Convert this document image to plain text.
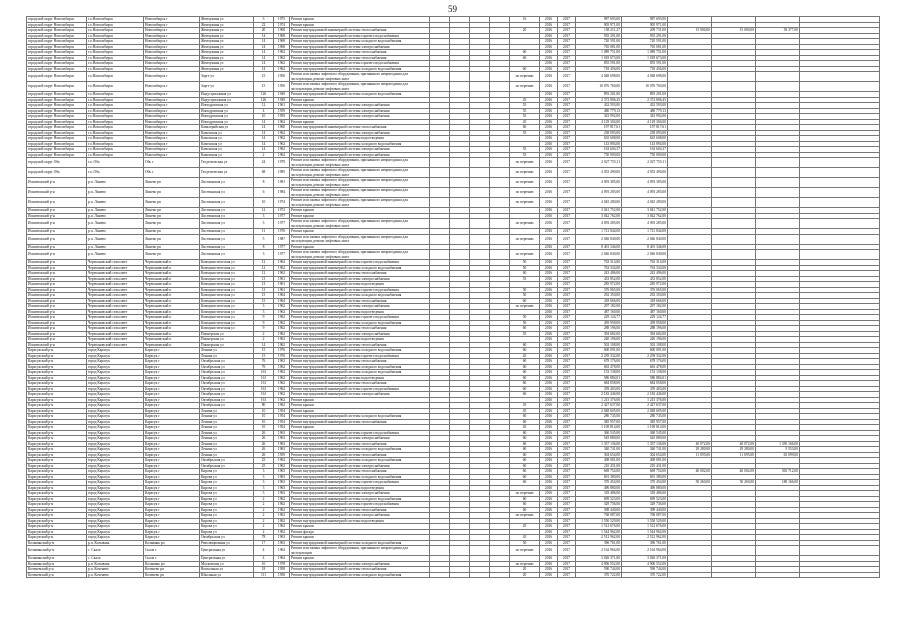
59
городской округ Новосибирск	г.о.Новосибирск	Новосибирск г	Жемчужная ул	3	1975	Ремонт крыши					16	2016	2017	987 693,00	987 693,00				
городской округ Новосибирск	г.о.Новосибирск	Новосибирск г	Жемчужная ул	22	1974	Ремонт крыши						2016	2017	905 971,00	905 971,00				
городской округ Новосибирск	г.о.Новосибирск	Новосибирск г	Жемчужная ул	20	1968	Ремонт внутридомовой инженерной системы теплоснабжения					20	2016	2017	158 211,27	209 731,00	15 000,00	15 000,00	39 377,00	
городской округ Новосибирск	г.о.Новосибирск	Новосибирск г	Жемчужная ул	14	1968	Ремонт внутридомовой инженерной системы горячего водоснабжения						2016	2017	935 291,00	935 291,00				
городской округ Новосибирск	г.о.Новосибирск	Новосибирск г	Жемчужная ул	14	1968	Ремонт внутридомовой инженерной системы холодного водоснабжения						2016	2017	720 591,00	720 591,00				
городской округ Новосибирск	г.о.Новосибирск	Новосибирск г	Жемчужная ул	14	1968	Ремонт внутридомовой инженерной системы электроснабжения						2016	2017	765 081,00	765 081,00				
городской округ Новосибирск	г.о.Новосибирск	Новосибирск г	Жемчужная ул	14	1962	Ремонт внутридомовой инженерной системы теплоснабжения					60	2016	2017	1 089 751,00	1 089 751,00				
городской округ Новосибирск	г.о.Новосибирск	Новосибирск г	Жемчужная ул	14	1962	Ремонт внутридомовой инженерной системы теплоснабжения					60	2016	2017	1 018 673,00	1 018 673,00				
городской округ Новосибирск	г.о.Новосибирск	Новосибирск г	Жемчужная ул	14	1962	Ремонт внутридомовой инженерной системы горячего водоснабжения						2016	2017	855 591,00	855 591,00				
городской округ Новосибирск	г.о.Новосибирск	Новосибирск г	Жемчужная ул	14	1962	Ремонт внутридомовой инженерной системы холодного водоснабжения					60	2016	2017	718 456,00	718 456,00				
городской округ Новосибирск	г.о.Новосибирск	Новосибирск г	Зорге ул	15	1950	Ремонт или замена лифтового оборудования, признанного непригодным для эксплуатации, ремонт лифтовых шахт					по перечню	2016	2017	4 048 698,00	4 048 698,00				
городской округ Новосибирск	г.о.Новосибирск	Новосибирск г	Зорге ул	15	1950	Ремонт или замена лифтового оборудования, признанного непригодным для эксплуатации, ремонт лифтовых шахт					по перечню	2016	2017	10 076 760,00	10 076 760,00				
городской округ Новосибирск	г.о.Новосибирск	Новосибирск г	Индустриальная ул	126	1949	Ремонт внутридомовой инженерной системы холодного водоснабжения						2016	2017	893 201,00	893 201,00				
городской округ Новосибирск	г.о.Новосибирск	Новосибирск г	Индустриальная ул	126	1949	Ремонт крыши					45	2016	2017	2 372 806,45	2 372 806,45				
городской округ Новосибирск	г.о.Новосибирск	Новосибирск г	Ипподромская ул	12	1961	Ремонт внутридомовой инженерной системы электроснабжения					55	2016	2017	432 593,00	432 593,00				
городской округ Новосибирск	г.о.Новосибирск	Новосибирск г	Ипподромская ул	4	1959	Ремонт внутридомовой инженерной системы электроснабжения					55	2016	2017	480 779,13	480 779,13				
городской округ Новосибирск	г.о.Новосибирск	Новосибирск г	Ипподромская ул	10	1959	Ремонт внутридомовой инженерной системы электроснабжения					55	2016	2017	343 992,00	343 992,00				
городской округ Новосибирск	г.о.Новосибирск	Новосибирск г	Ипподромская ул	14	1962	Ремонт крыши					45	2016	2017	4 129 304,00	4 129 304,00				
городской округ Новосибирск	г.о.Новосибирск	Новосибирск г	Кавалерийская ул	14	1960	Ремонт внутридомовой инженерной системы теплоснабжения					60	2016	2017	197 817,61	197 817,61				
городской округ Новосибирск	г.о.Новосибирск	Новосибирск г	Каменская ул	14	1962	Ремонт внутридомовой инженерной системы электроснабжения					55	2016	2017	238 093,00	238 093,00				
городской округ Новосибирск	г.о.Новосибирск	Новосибирск г	Каменская ул	14	1962	Ремонт внутридомовой инженерной системы водоотведения						2016	2017	635 608,00	635 608,00				
городской округ Новосибирск	г.о.Новосибирск	Новосибирск г	Каменская ул	14	1962	Ремонт внутридомовой инженерной системы холодного водоснабжения						2016	2017	143 894,00	143 894,00				
городской округ Новосибирск	г.о.Новосибирск	Новосибирск г	Каменская ул	14	1962	Ремонт внутридомовой инженерной системы электроснабжения					55	2016	2017	163 604,37	163 604,37				
городской округ Новосибирск	г.о.Новосибирск	Новосибирск г	Каменская ул	2	1962	Ремонт внутридомовой инженерной системы электроснабжения					55	2016	2017	750 000,00	750 000,00				
городской округ Обь	г.о. Обь	Обь г	Геодезическая ул	24	1979	Ремонт или замена лифтового оборудования, признанного непригодным для эксплуатации, ремонт лифтовых шахт					по перечню	2016	2017	2 027 755,11	2 027 755,11				
городской округ Обь	г.о. Обь	Обь г	Геодезическая ул	68	1985	Ремонт или замена лифтового оборудования, признанного непригодным для эксплуатации, ремонт лифтовых шахт					по перечню	2016	2017	4 053 490,00	4 053 490,00				
Искитимский р-н	р.п. Линево	Линево рп	Листвянская ул	8	1981	Ремонт или замена лифтового оборудования, признанного непригодным для эксплуатации, ремонт лифтовых шахт					по перечню	2016	2017	4 093 385,00	4 093 385,00				
Искитимский р-н	р.п. Линево	Линево рп	Листвянская ул	6	1984	Ремонт или замена лифтового оборудования, признанного непригодным для эксплуатации, ремонт лифтовых шахт					по перечню	2016	2017	4 093 285,00	4 093 285,00				
Искитимский р-н	р.п. Линево	Линево рп	Листвянская ул	10	1974	Ремонт или замена лифтового оборудования, признанного непригодным для эксплуатации, ремонт лифтовых шахт					по перечню	2016	2017	4 045 280,00	4 045 280,00				
Искитимский р-н	р.п. Линево	Линево рп	Листвянская ул	12	1972	Ремонт крыши						2016	2017	3 041 752,00	3 041 752,00				
Искитимский р-н	р.п. Линево	Линево рп	Листвянская ул	3	1977	Ремонт крыши						2016	2017	3 042 762,00	3 042 762,00				
Искитимский р-н	р.п. Линево	Линево рп	Листвянская ул	3	1977	Ремонт или замена лифтового оборудования, признанного непригодным для эксплуатации, ремонт лифтовых шахт					по перечню	2016	2017	4 093 285,00	4 093 285,00				
Искитимский р-н	р.п. Линево	Линево рп	Листвянская ул	11	1976	Ремонт крыши						2016	2017	1 721 844,00	1 721 844,00				
Искитимский р-н	р.п. Линево	Линево рп	Листвянская ул	5	1987	Ремонт или замена лифтового оборудования, признанного непригодным для эксплуатации, ремонт лифтовых шахт					по перечню	2016	2017	2 046 840,00	2 046 840,00				
Искитимский р-н	р.п. Линево	Линево рп	Листвянская ул	8	1977	Ремонт крыши						2016	2017	8 401 346,00	8 401 346,00				
Искитимский р-н	р.п. Линево	Линево рп	Листвянская ул	3	1977	Ремонт или замена лифтового оборудования, признанного непригодным для эксплуатации, ремонт лифтовых шахт					по перечню	2016	2017	2 046 840,00	2 046 840,00				
Искитимский р-н	Черепановский сельсовет	Черепановский п	Коммунистическая ул	12	1962	Ремонт внутридомовой инженерной системы горячего водоснабжения					50	2016	2017	763 314,00	763 314,00				
Искитимский р-н	Черепановский сельсовет	Черепановский п	Коммунистическая ул	12	1962	Ремонт внутридомовой инженерной системы холодного водоснабжения					50	2016	2017	763 334,00	763 334,00				
Искитимский р-н	Черепановский сельсовет	Черепановский п	Коммунистическая ул	12	1962	Ремонт внутридомовой инженерной системы теплоснабжения					60	2016	2017	243 496,00	243 496,00				
Искитимский р-н	Черепановский сельсовет	Черепановский п	Коммунистическая ул	13	1961	Ремонт внутридомовой инженерной системы электроснабжения					55	2016	2017	433 852,00	433 852,00				
Искитимский р-н	Черепановский сельсовет	Черепановский п	Коммунистическая ул	13	1961	Ремонт внутридомовой инженерной системы водоотведения						2016	2017	285 972,00	285 972,00				
Искитимский р-н	Черепановский сельсовет	Черепановский п	Коммунистическая ул	13	1961	Ремонт внутридомовой инженерной системы горячего водоснабжения					50	2016	2017	376 065,00	376 065,00				
Искитимский р-н	Черепановский сельсовет	Черепановский п	Коммунистическая ул	15	1964	Ремонт внутридомовой инженерной системы холодного водоснабжения					50	2016	2017	292 350,00	292 350,00				
Искитимский р-н	Черепановский сельсовет	Черепановский п	Коммунистическая ул	15	1964	Ремонт внутридомовой инженерной системы теплоснабжения					60	2016	2017	418 666,00	418 666,00				
Искитимский р-н	Черепановский сельсовет	Черепановский п	Коммунистическая ул	3	1962	Ремонт внутридомовой инженерной системы электроснабжения					по перечню	2016	2017	297 182,00	297 182,00				
Искитимский р-н	Черепановский сельсовет	Черепановский п	Коммунистическая ул	3	1962	Ремонт внутридомовой инженерной системы водоотведения						2016	2017	487 160,00	487 160,00				
Искитимский р-н	Черепановский сельсовет	Черепановский п	Коммунистическая ул	9	1962	Ремонт внутридомовой инженерной системы горячего водоснабжения					50	2016	2017	229 124,77	229 124,77				
Искитимский р-н	Черепановский сельсовет	Черепановский п	Коммунистическая ул	9	1962	Ремонт внутридомовой инженерной системы холодного водоснабжения					50	2016	2017	459 958,00	459 958,00				
Искитимский р-н	Черепановский сельсовет	Черепановский п	Коммунистическая ул	9	1962	Ремонт внутридомовой инженерной системы теплоснабжения					60	2016	2017	288 196,00	288 196,00				
Искитимский р-н	Черепановский сельсовет	Черепановский п	Пионерская ул	2	1962	Ремонт внутридомовой инженерной системы электроснабжения					55	2016	2017	394 682,00	394 682,00				
Искитимский р-н	Черепановский сельсовет	Черепановский п	Пионерская ул	2	1962	Ремонт внутридомовой инженерной системы водоотведения						2016	2017	240 196,00	240 196,00				
Искитимский р-н	Черепановский сельсовет	Черепановский п	Пионерская ул	14	1962	Ремонт внутридомовой инженерной системы теплоснабжения					60	2016	2017	502 108,00	502 108,00				
Карасукский р-н	город Карасук	Карасук г	Ленина ул	15	1976	Ремонт внутридомовой инженерной системы холодного водоснабжения					60	2016	2017	600 091,00	600 091,00				
Карасукский р-н	город Карасук	Карасук г	Ленина ул	15	1976	Ремонт внутридомовой инженерной системы горячего водоснабжения					45	2016	2017	2 259 332,00	2 259 332,00				
Карасукский р-н	город Карасук	Карасук г	Октябрьская ул	76	1962	Ремонт внутридомовой инженерной системы теплоснабжения					60	2016	2017	678 176,00	678 176,00				
Карасукский р-н	город Карасук	Карасук г	Октябрьская ул	76	1962	Ремонт внутридомовой инженерной системы холодного водоснабжения					60	2016	2017	663 478,00	663 478,00				
Карасукский р-н	город Карасук	Карасук г	Октябрьская ул	161	1962	Ремонт внутридомовой инженерной системы холодного водоснабжения					60	2016	2017	153 138,00	153 138,00				
Карасукский р-н	город Карасук	Карасук г	Октябрьская ул	161	1962	Ремонт внутридомовой инженерной системы водоотведения					60	2016	2017	586 884,01	586 884,01				
Карасукский р-н	город Карасук	Карасук г	Октябрьская ул	161	1962	Ремонт внутридомовой инженерной системы теплоснабжения					60	2016	2017	684 058,00	684 058,00				
Карасукский р-н	город Карасук	Карасук г	Октябрьская ул	161	1962	Ремонт внутридомовой инженерной системы горячего водоснабжения					60	2016	2017	359 403,00	359 403,00				
Карасукский р-н	город Карасук	Карасук г	Октябрьская ул	161	1962	Ремонт внутридомовой инженерной системы электроснабжения					60	2016	2017	2 182 446,00	2 182 446,00				
Карасукский р-н	город Карасук	Карасук г	Октябрьская ул	161	1962	Ремонт крыши						2016	2017	1 215 376,00	1 215 376,00				
Карасукский р-н	город Карасук	Карасук г	Октябрьская ул	80	1962	Ремонт крыши					45	2016	2017	2 427 637,00	2 427 637,00				
Карасукский р-н	город Карасук	Карасук г	Ленина ул	10	1954	Ремонт крыши					45	2016	2017	2 048 605,00	2 048 605,00				
Карасукский р-н	город Карасук	Карасук г	Ленина ул	10	1954	Ремонт внутридомовой инженерной системы холодного водоснабжения					60	2016	2017	280 745,00	280 745,00				
Карасукский р-н	город Карасук	Карасук г	Ленина ул	10	1954	Ремонт внутридомовой инженерной системы теплоснабжения					60	2016	2017	385 957,00	385 957,00				
Карасукский р-н	город Карасук	Карасук г	Ленина ул	10	1954	Ремонт крыши					45	2016	2017	1 169 814,00	1 169 814,00				
Карасукский р-н	город Карасук	Карасук г	Ленина ул	26	1963	Ремонт внутридомовой инженерной системы горячего водоснабжения					60	2016	2017	360 545,00	360 545,00				
Карасукский р-н	город Карасук	Карасук г	Ленина ул	26	1963	Ремонт внутридомовой инженерной системы электроснабжения					60	2016	2017	545 880,00	545 880,00				
Карасукский р-н	город Карасук	Карасук г	Ленина ул	26	1963	Ремонт внутридомовой инженерной системы теплоснабжения					60	2016	2017	1 337 136,00	1 337 136,00	40 072,00	40 072,00	1 350 166,00	
Карасукский р-н	город Карасук	Карасук г	Ленина ул	26	1963	Ремонт внутридомовой инженерной системы холодного водоснабжения					60	2016	2017	340 741,00	340 741,00	29 280,00	29 280,00	5 553,00	
Карасукский р-н	город Карасук	Карасук г	Ленина ул	26	1959	Ремонт внутридомовой инженерной системы теплоснабжения					60	2016	2017	304 654,00	304 654,00	11 095,00	11 095,00	65 099,00	
Карасукский р-н	город Карасук	Карасук г	Октябрьская ул	25	1962	Ремонт внутридомовой инженерной системы холодного водоснабжения					60	2016	2017	408 081,00	408 081,00				
Карасукский р-н	город Карасук	Карасук г	Октябрьская ул	25	1962	Ремонт внутридомовой инженерной системы электроснабжения					60	2016	2017	210 431,00	210 431,00				
Карасукский р-н	город Карасук	Карасук г	Кирова ул	3	1963	Ремонт внутридомовой инженерной системы теплоснабжения					60	2016	2017	669 754,00	669 754,00	40 002,00	40 002,00	565 712,00	
Карасукский р-н	город Карасук	Карасук г	Кирова ул	3	1963	Ремонт внутридомовой инженерной системы холодного водоснабжения					60	2016	2017	691 380,00	691 380,00				
Карасукский р-н	город Карасук	Карасук г	Кирова ул	3	1963	Ремонт внутридомовой инженерной системы горячего водоснабжения					60	2016	2017	370 454,00	370 454,00	50 260,00	50 260,00	180 166,00	
Карасукский р-н	город Карасук	Карасук г	Кирова ул	3	1963	Ремонт внутридомовой инженерной системы водоотведения						2016	2017	496 880,00	496 880,00				
Карасукский р-н	город Карасук	Карасук г	Кирова ул	3	1963	Ремонт внутридомовой инженерной системы электроснабжения					по перечню	2016	2017	318 486,00	318 486,00				
Карасукский р-н	город Карасук	Карасук г	Кирова ул	2	1962	Ремонт внутридомовой инженерной системы холодного водоснабжения					60	2016	2017	699 523,00	699 523,00				
Карасукский р-н	город Карасук	Карасук г	Кирова ул	2	1962	Ремонт внутридомовой инженерной системы горячего водоснабжения					60	2016	2017	329 736,00	329 736,00				
Карасукский р-н	город Карасук	Карасук г	Кирова ул	2	1962	Ремонт внутридомовой инженерной системы теплоснабжения					60	2016	2017	398 440,00	398 440,00				
Карасукский р-н	город Карасук	Карасук г	Кирова ул	2	1962	Ремонт внутридомовой инженерной системы электроснабжения					по перечню	2016	2017	768 087,00	768 087,00				
Карасукский р-н	город Карасук	Карасук г	Кирова ул	2	1962	Ремонт внутридомовой инженерной системы водоотведения						2016	2017	1 550 529,00	1 550 529,00				
Карасукский р-н	город Карасук	Карасук г	Кирова ул	2	1962	Ремонт крыши					45	2016	2017	1 512 676,00	1 512 676,00				
Карасукский р-н	город Карасук	Карасук г	Кирова ул	2	1962	Ремонт фасада						2016	2017	1 544 962,00	1 544 962,00				
Карасукский р-н	город Карасук	Карасук г	Октябрьская ул	78	1963	Ремонт крыши					45	2016	2017	2 512 962,00	2 512 962,00				
Колыванский р-н	р.п. Колывань	Колывань рп	Революционная ул	17	1963	Ремонт внутридомовой инженерной системы холодного водоснабжения					50	2016	2017	396 761,00	396 761,00				
Колыванский р-н	с. Скала	Скала с	Центральная ул	4	1962	Ремонт или замена лифтового оборудования, признанного непригодным для эксплуатации					по перечню	2016	2017	2 162 964,00	2 162 964,00				
Колыванский р-н	с. Скала	Скала с	Центральная ул	4	1962	Ремонт крыши						2016	2017	3 026 371,00	3 026 371,00				
Колыванский р-н	р.п. Колывань	Колывань рп	Московская ул	10	1978	Ремонт внутридомовой инженерной системы электроснабжения					по перечню	2016	2017	4 906 552,00	4 906 552,00				
Коченевский р-н	р.п. Коченево	Коченево рп	Вокзальная ул	18	1958	Ремонт внутридомовой инженерной системы теплоснабжения					20	2016	2017	590 744,00	590 744,00				
Коченевский р-н	р.п. Коченево	Коченево рп	Школьная ул	111	1958	Ремонт внутридомовой инженерной системы холодного водоснабжения					20	2016	2017	370 722,00	370 722,00				
